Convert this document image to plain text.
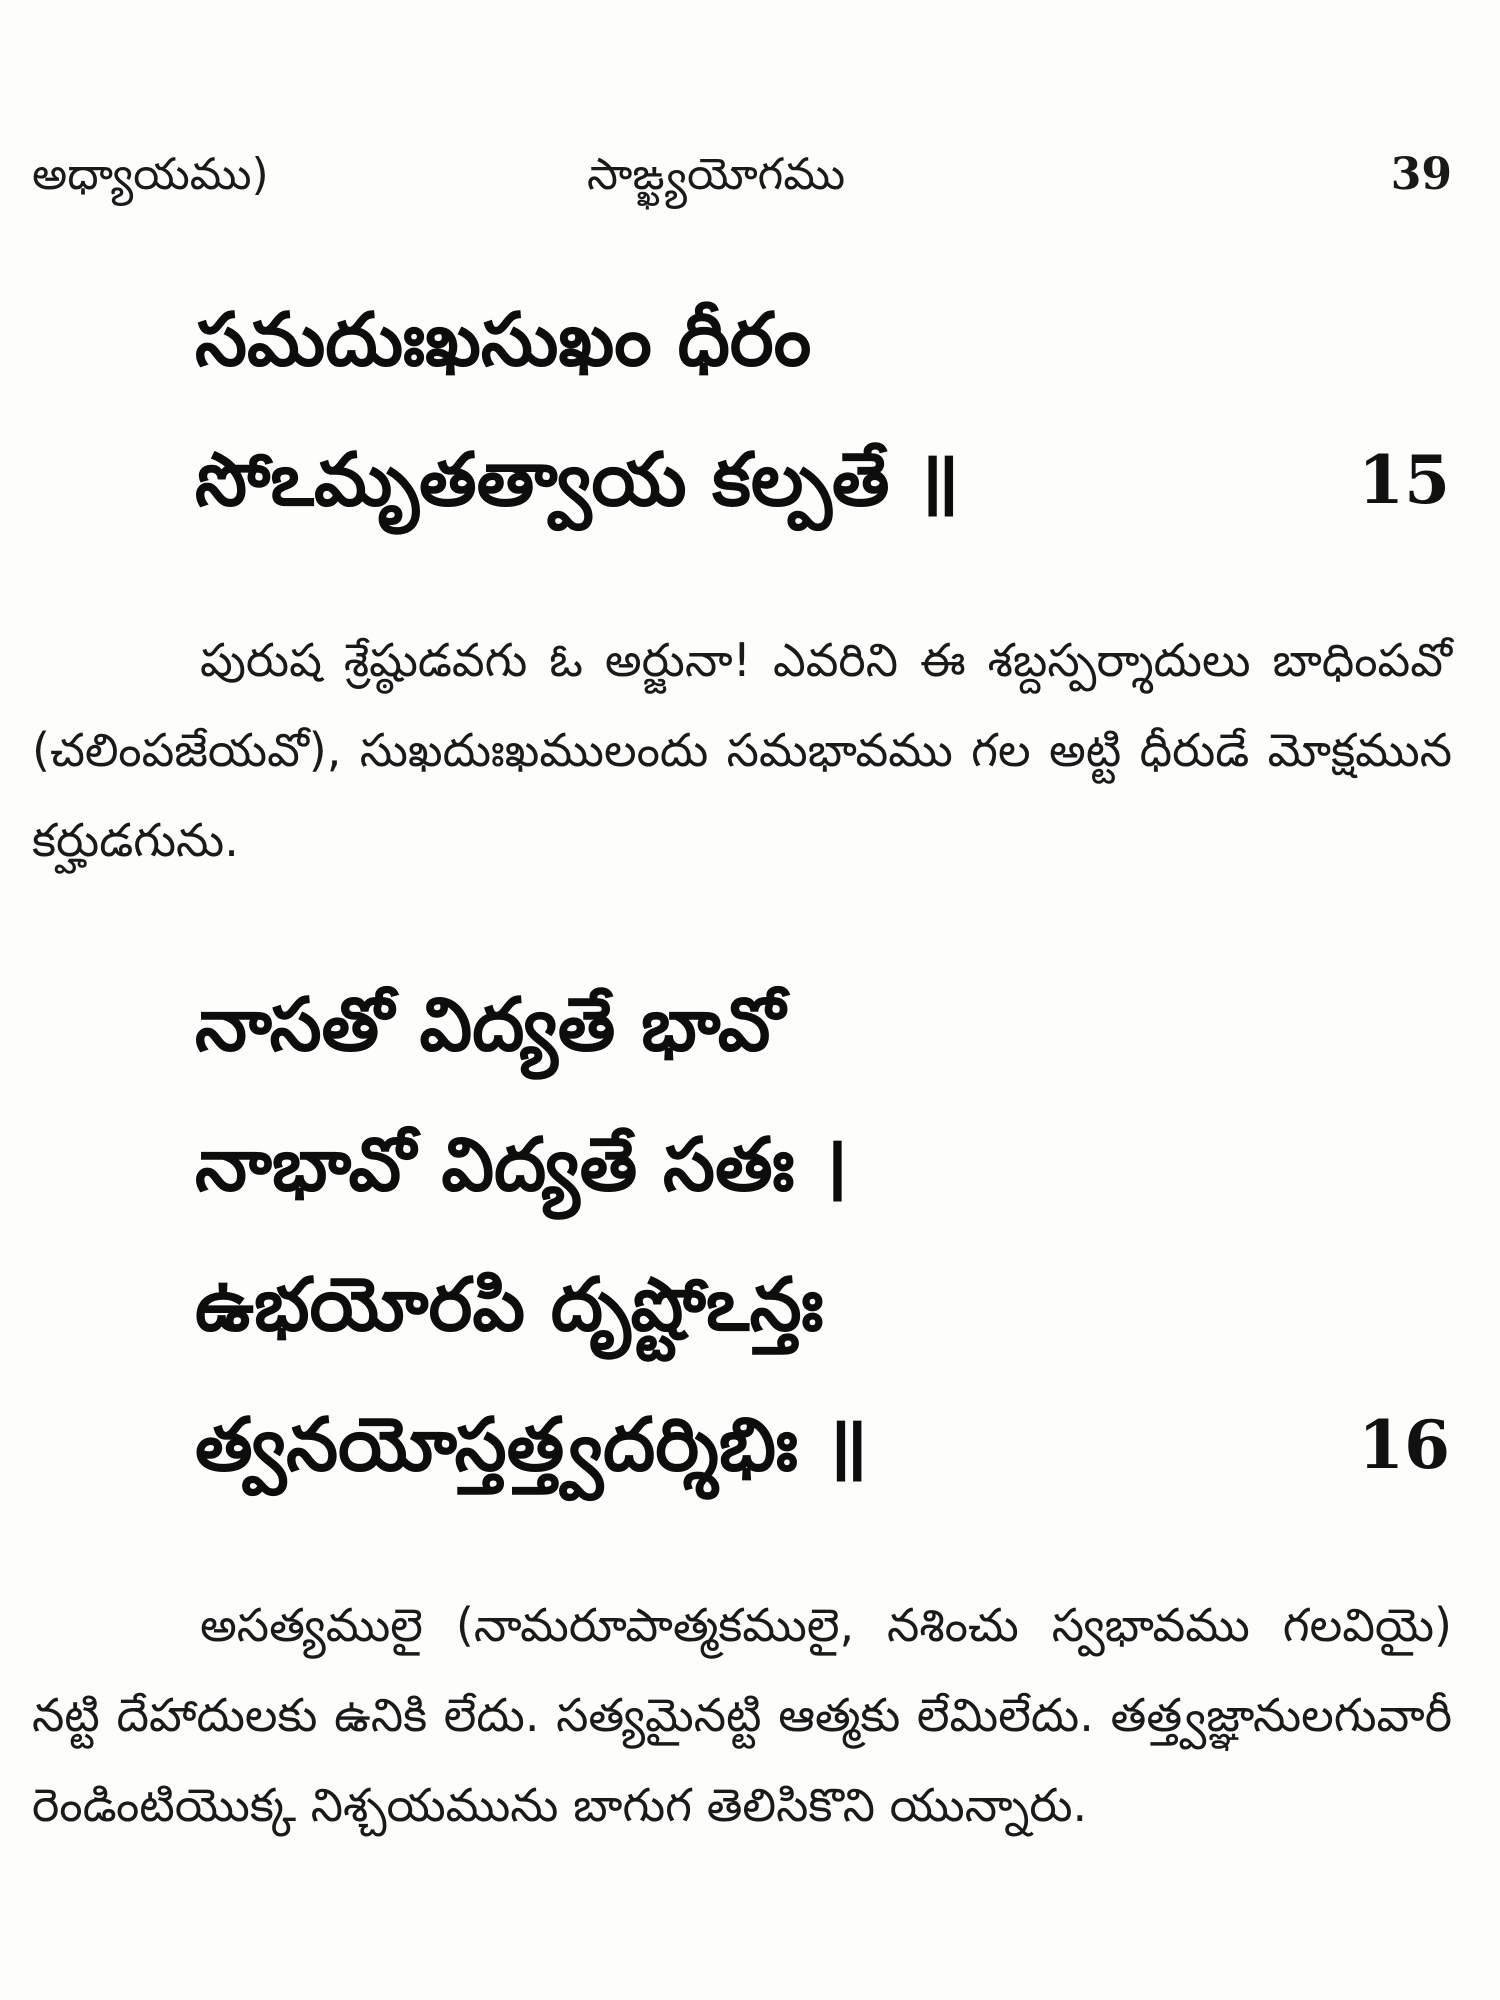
అధ్యాయము)	సాఙ్ఖ్యయోగము	39
సమదుఃఖసుఖం ధీరం
సోఽమృతత్వాయ కల్పతే ॥	15

పురుష శ్రేష్ఠుడవగు ఓ అర్జునా! ఎవరిని ఈ శబ్దస్పర్శాదులు బాధింపవో (చలింపజేయవో), సుఖదుఃఖములందు సమభావము గల అట్టి ధీరుడే మోక్షమున కర్హుడగును.

నాసతో విద్యతే భావో
నాభావో విద్యతే సతః ।
ఉభయోరపి దృష్టోఽన్తః
త్వనయోస్తత్త్వదర్శిభిః ॥	16

అసత్యములై (నామరూపాత్మకములై, నశించు స్వభావము గలవియై) నట్టి దేహాదులకు ఉనికి లేదు. సత్యమైనట్టి ఆత్మకు లేమిలేదు. తత్త్వజ్ఞానులగువారీ రెండింటియొక్క నిశ్చయమును బాగుగ తెలిసికొని యున్నారు.
